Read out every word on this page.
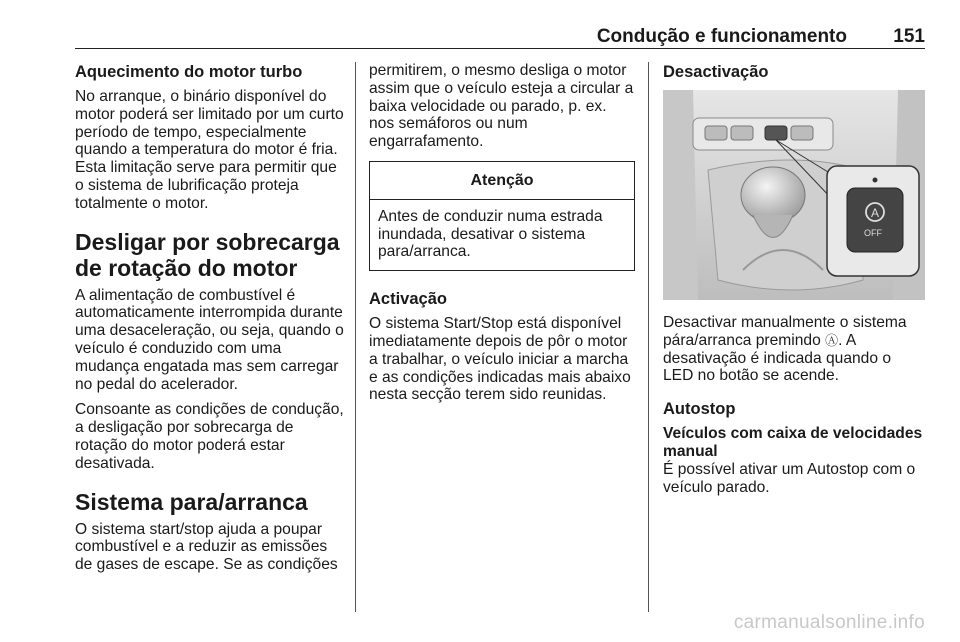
Condução e funcionamento 151
Aquecimento do motor turbo

No arranque, o binário disponível do motor poderá ser limitado por um curto período de tempo, especialmente quando a temperatura do motor é fria. Esta limitação serve para permitir que o sistema de lubrificação proteja totalmente o motor.

Desligar por sobrecarga de rotação do motor

A alimentação de combustível é automaticamente interrompida durante uma desaceleração, ou seja, quando o veículo é conduzido com uma mudança engatada mas sem carregar no pedal do acelerador.

Consoante as condições de condução, a desligação por sobrecarga de rotação do motor poderá estar desativada.

Sistema para/arranca

O sistema start/stop ajuda a poupar combustível e a reduzir as emissões de gases de escape. Se as condições

permitirem, o mesmo desliga o motor assim que o veículo esteja a circular a baixa velocidade ou parado, p. ex. nos semáforos ou num engarrafamento.

Atenção
Antes de conduzir numa estrada inundada, desativar o sistema para/arranca.
Activação

O sistema Start/Stop está disponível imediatamente depois de pôr o motor a trabalhar, o veículo iniciar a marcha e as condições indicadas mais abaixo nesta secção terem sido reunidas.

Desactivação
A
OFF

Desactivar manualmente o sistema pára/arranca premindo Ⓐ. A desativação é indicada quando o LED no botão se acende.

Autostop
Veículos com caixa de velocidades manual

É possível ativar um Autostop com o veículo parado.

carmanualsonline.info
